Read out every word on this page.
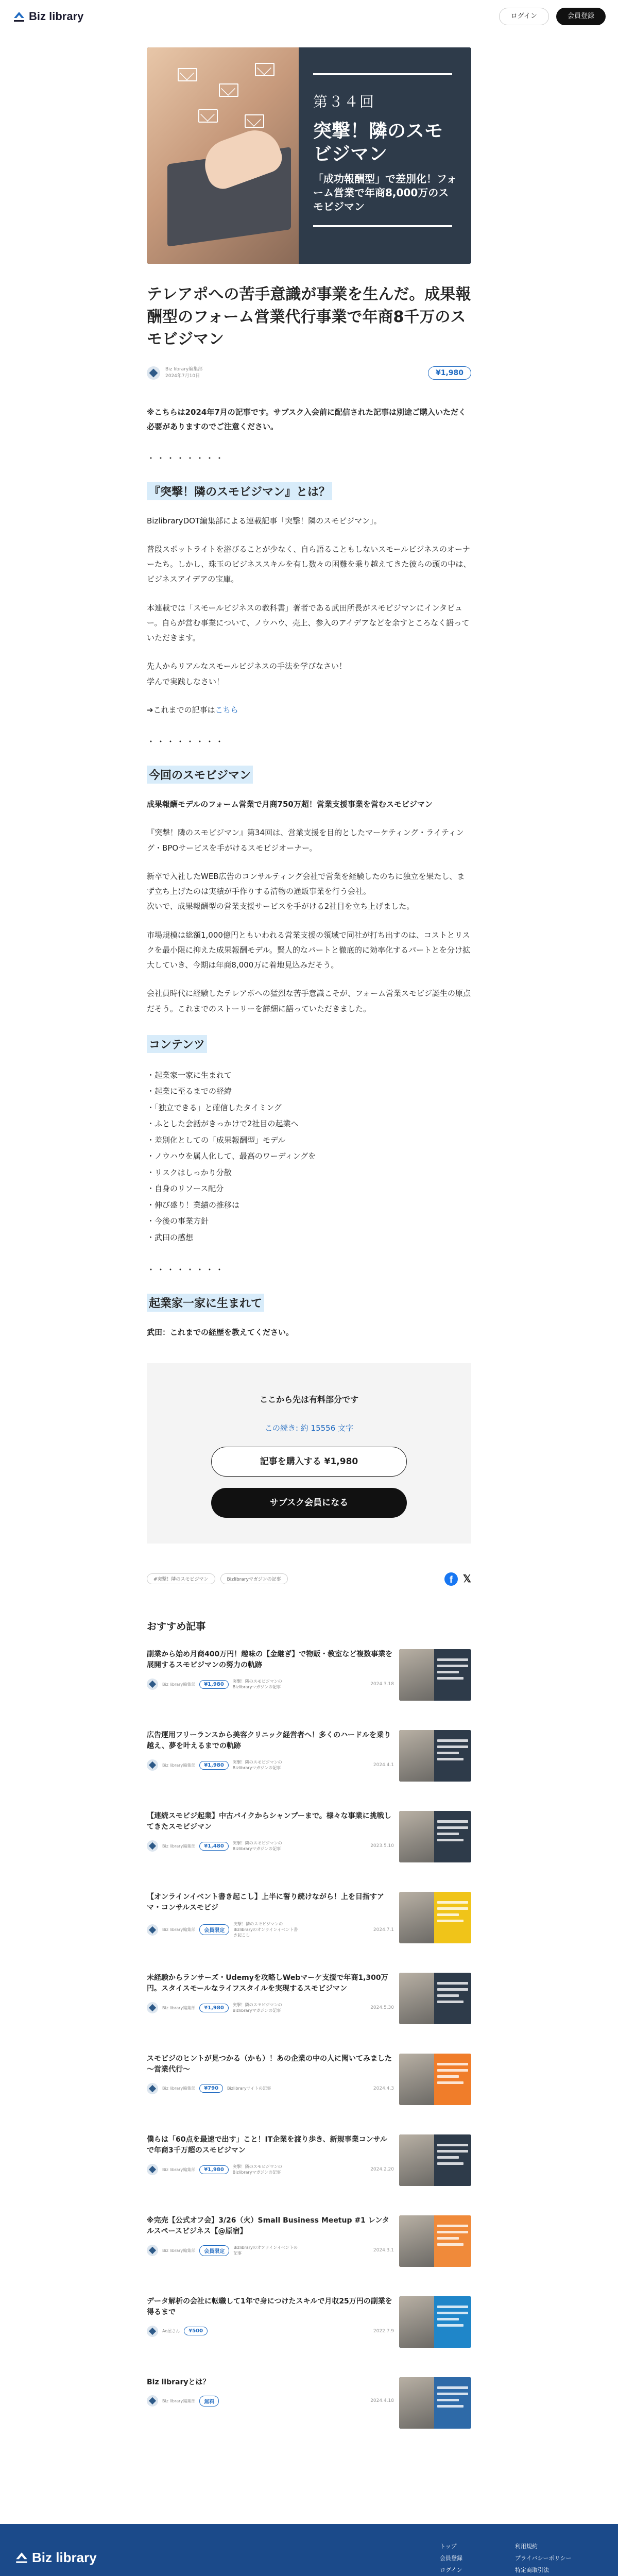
Biz library	ログイン	会員登録
第３４回
突撃！隣のスモビジマン
「成功報酬型」で差別化！フォーム営業で年商8,000万のスモビジマン
テレアポへの苦手意識が事業を生んだ。成果報酬型のフォーム営業代行事業で年商8千万のスモビジマン
Biz library編集部
2024年7月10日	¥1,980

※こちらは2024年7月の記事です。サブスク入会前に配信された記事は別途ご購入いただく必要がありますのでご注意ください。

・・・・・・・・
『突撃！隣のスモビジマン』とは？

BizlibraryDOT編集部による連載記事「突撃！隣のスモビジマン」。

普段スポットライトを浴びることが少なく、自ら語ることもしないスモールビジネスのオーナーたち。しかし、珠玉のビジネススキルを有し数々の困難を乗り越えてきた彼らの頭の中は、ビジネスアイデアの宝庫。

本連載では「スモールビジネスの教科書」著者である武田所長がスモビジマンにインタビュー。自らが営む事業について、ノウハウ、売上、参入のアイデアなどを余すところなく語っていただきます。

先人からリアルなスモールビジネスの手法を学びなさい！
学んで実践しなさい！

➔これまでの記事はこちら

・・・・・・・・
今回のスモビジマン

成果報酬モデルのフォーム営業で月商750万超！営業支援事業を営むスモビジマン

『突撃！隣のスモビジマン』第34回は、営業支援を目的としたマーケティング・ライティング・BPOサービスを手がけるスモビジオーナー。

新卒で入社したWEB広告のコンサルティング会社で営業を経験したのちに独立を果たし、まず立ち上げたのは実績が手作りする清物の通販事業を行う会社。
次いで、成果報酬型の営業支援サービスを手がける2社目を立ち上げました。

市場規模は総額1,000億円ともいわれる営業支援の領域で同社が打ち出すのは、コストとリスクを最小限に抑えた成果報酬モデル。賢人的なパートと徹底的に効率化するパートとを分け拡大していき、今期は年商8,000万に着地見込みだそう。

会社員時代に経験したテレアポへの猛烈な苦手意識こそが、フォーム営業スモビジ誕生の原点だそう。これまでのストーリーを詳細に語っていただきました。

コンテンツ
・起業家一家に生まれて
・起業に至るまでの経緯
・「独立できる」と確信したタイミング
・ふとした会話がきっかけで2社目の起業へ
・差別化としての「成果報酬型」モデル
・ノウハウを属人化して、最高のワーディングを
・リスクはしっかり分散
・自身のリソース配分
・伸び盛り！業績の推移は
・今後の事業方針
・武田の感想
・・・・・・・・
起業家一家に生まれて

武田：これまでの経歴を教えてください。

ここから先は有料部分です
この続き: 約 15556 文字
記事を購入する ¥1,980
サブスク会員になる
#突撃！隣のスモビジマン	Bizlibraryマガジンの記事	f	𝕏
おすすめ記事
副業から始め月商400万円！趣味の【金継ぎ】で物販・教室など複数事業を展開するスモビジマンの努力の軌跡
Biz library編集部	¥1,980
突撃！隣のスモビジマンのBizlibraryマガジンの記事
2024.3.18
広告運用フリーランスから美容クリニック経営者へ！多くのハードルを乗り越え、夢を叶えるまでの軌跡
Biz library編集部	¥1,980
突撃！隣のスモビジマンのBizlibraryマガジンの記事
2024.4.1
【連続スモビジ起業】中古バイクからシャンプーまで。様々な事業に挑戦してきたスモビジマン
Biz library編集部	¥1,480
突撃！隣のスモビジマンのBizlibraryマガジンの記事
2023.5.10
【オンラインイベント書き起こし】上半に誓り続けながら！上を目指すアマ・コンサルスモビジ
Biz library編集部	会員限定
突撃！隣のスモビジマンのBizlibraryのオンラインイベント書き起こし
2024.7.1
未経験からランサーズ・Udemyを攻略しWebマーケ支援で年商1,300万円。スタイスモールなライフスタイルを実現するスモビジマン
Biz library編集部	¥1,980
突撃！隣のスモビジマンのBizlibraryマガジンの記事
2024.5.30
スモビジのヒントが見つかる（かも）！あの企業の中の人に聞いてみました～営業代行～
Biz library編集部	¥790	Bizlibraryサイトの記事	2024.4.3
僕らは「60点を最速で出す」こと！IT企業を渡り歩き、新規事業コンサルで年商3千万超のスモビジマン
Biz library編集部	¥1,980
突撃！隣のスモビジマンのBizlibraryマガジンの記事
2024.2.20
※完売【公式オフ会】3/26（火）Small Business Meetup #1 レンタルスペースビジネス【@原宿】
Biz library編集部	会員限定
Bizlibraryのオフラインイベントの記事
2024.3.1
データ解析の会社に転職して1年で身につけたスキルで月収25万円の副業を得るまで
Ao屋さん	¥500	2022.7.9
Biz libraryとは？
Biz library編集部	無料	2024.4.18
Biz library
トップ
会員登録
ログイン
利用規約
プライバシーポリシー
特定商取引法
